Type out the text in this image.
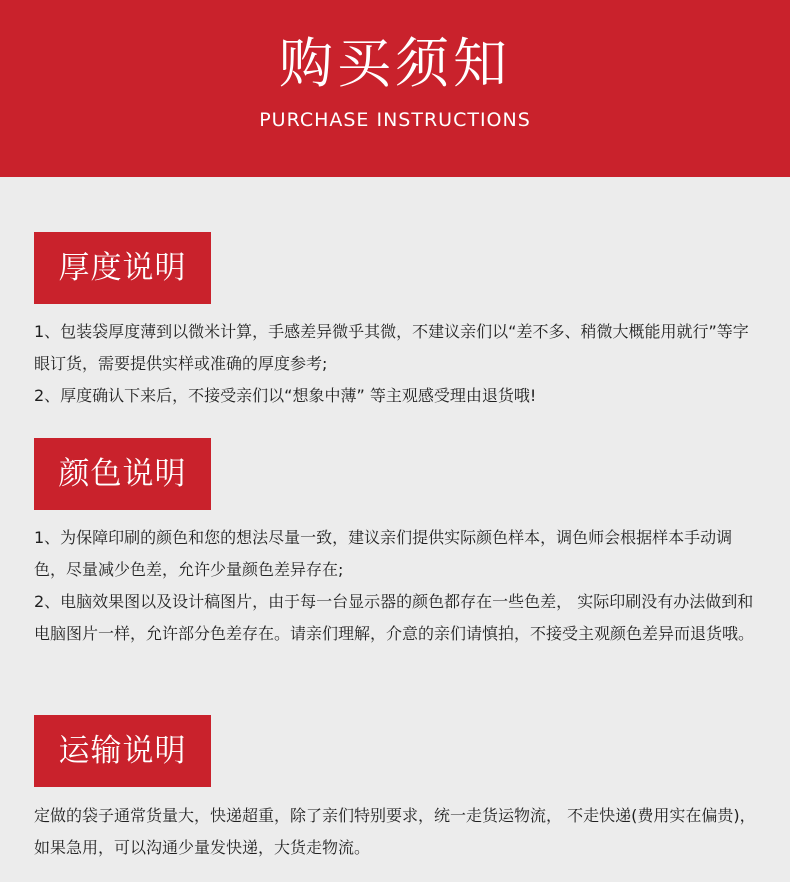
购买须知
PURCHASE INSTRUCTIONS
厚度说明

1、包装袋厚度薄到以微米计算，手感差异微乎其微，不建议亲们以“差不多、稍微大概能用就行”等字眼订货，需要提供实样或准确的厚度参考;

2、厚度确认下来后，不接受亲们以“想象中薄” 等主观感受理由退货哦!

颜色说明

1、为保障印刷的颜色和您的想法尽量一致，建议亲们提供实际颜色样本，调色师会根据样本手动调色，尽量减少色差，允许少量颜色差异存在;

2、电脑效果图以及设计稿图片，由于每一台显示器的颜色都存在一些色差， 实际印刷没有办法做到和电脑图片一样，允许部分色差存在。请亲们理解，介意的亲们请慎拍，不接受主观颜色差异而退货哦。

运输说明

定做的袋子通常货量大，快递超重，除了亲们特别要求，统一走货运物流， 不走快递(费用实在偏贵)，如果急用，可以沟通少量发快递，大货走物流。
